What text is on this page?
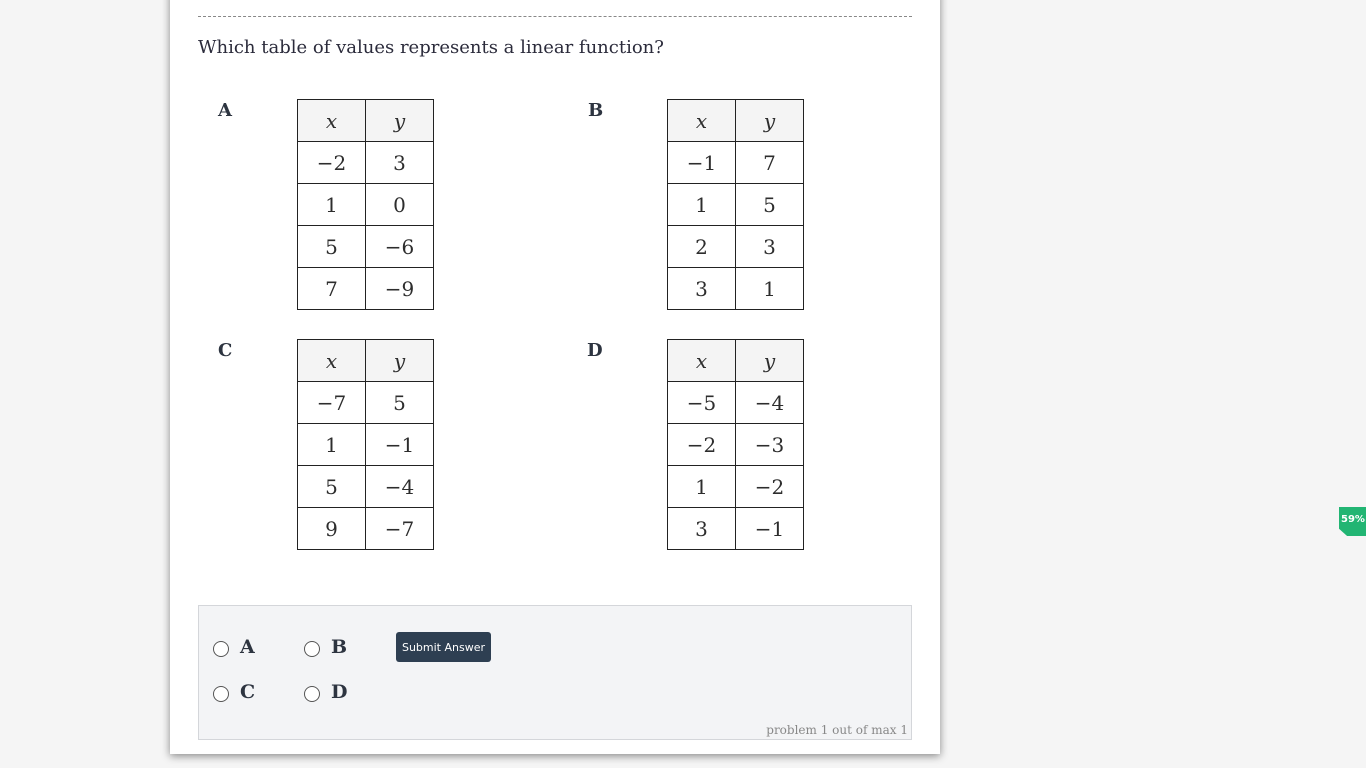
Which table of values represents a linear function?
A	x	y
−2	3
1	0
5	−6
7	−9
B	x	y
−1	7
1	5
2	3
3	1
C	x	y
−7	5
1	−1
5	−4
9	−7
D	x	y
−5	−4
−2	−3
1	−2
3	−1
A	B
C	D
Submit Answer
problem 1 out of max 1
59%
